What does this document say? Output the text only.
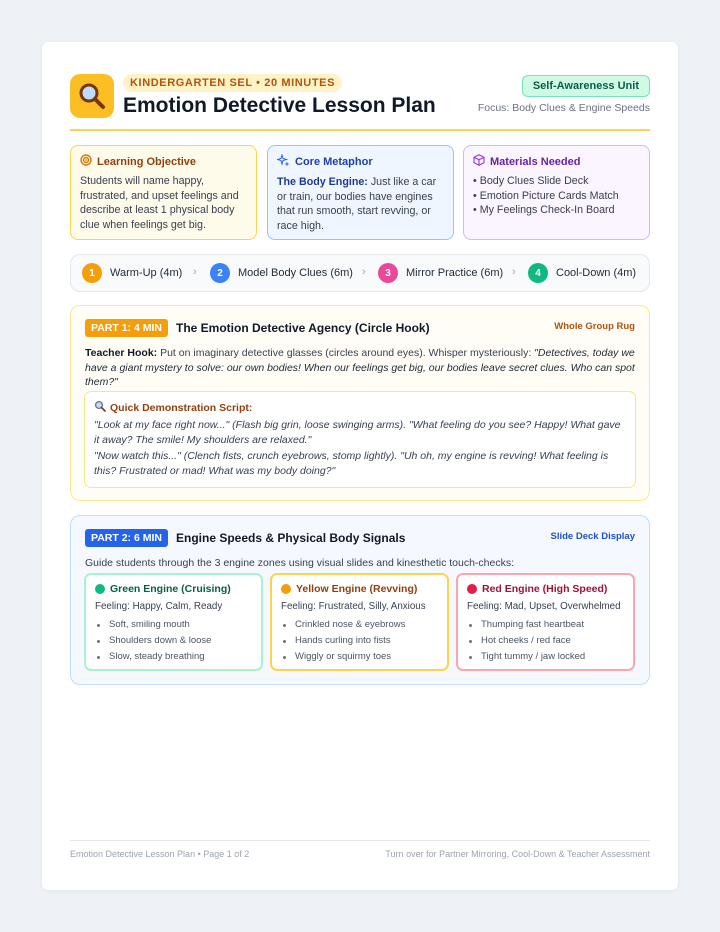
KINDERGARTEN SEL • 20 MINUTES
Emotion Detective Lesson Plan
Self-Awareness Unit
Focus: Body Clues & Engine Speeds
Learning Objective
Students will name happy, frustrated, and upset feelings and describe at least 1 physical body clue when feelings get big.
Core Metaphor
The Body Engine: Just like a car or train, our bodies have engines that run smooth, start revving, or race high.
Materials Needed
• Body Clues Slide Deck
• Emotion Picture Cards Match
• My Feelings Check-In Board
1	Warm-Up (4m) ›	2	Model Body Clues (6m) ›	3	Mirror Practice (6m) ›	4	Cool-Down (4m)
PART 1: 4 MIN	The Emotion Detective Agency (Circle Hook)	Whole Group Rug
Teacher Hook: Put on imaginary detective glasses (circles around eyes). Whisper mysteriously: "Detectives, today we have a giant mystery to solve: our own bodies! When our feelings get big, our bodies leave secret clues. Who can spot them?"
Quick Demonstration Script:
"Look at my face right now..." (Flash big grin, loose swinging arms). "What feeling do you see? Happy! What gave it away? The smile! My shoulders are relaxed."
"Now watch this..." (Clench fists, crunch eyebrows, stomp lightly). "Uh oh, my engine is revving! What feeling is this? Frustrated or mad! What was my body doing?"
PART 2: 6 MIN	Engine Speeds & Physical Body Signals	Slide Deck Display
Guide students through the 3 engine zones using visual slides and kinesthetic touch-checks:
Green Engine (Cruising)
Feeling: Happy, Calm, Ready
Soft, smiling mouth
Shoulders down & loose
Slow, steady breathing
Yellow Engine (Revving)
Feeling: Frustrated, Silly, Anxious
Crinkled nose & eyebrows
Hands curling into fists
Wiggly or squirmy toes
Red Engine (High Speed)
Feeling: Mad, Upset, Overwhelmed
Thumping fast heartbeat
Hot cheeks / red face
Tight tummy / jaw locked
Emotion Detective Lesson Plan • Page 1 of 2	Turn over for Partner Mirroring, Cool-Down & Teacher Assessment
